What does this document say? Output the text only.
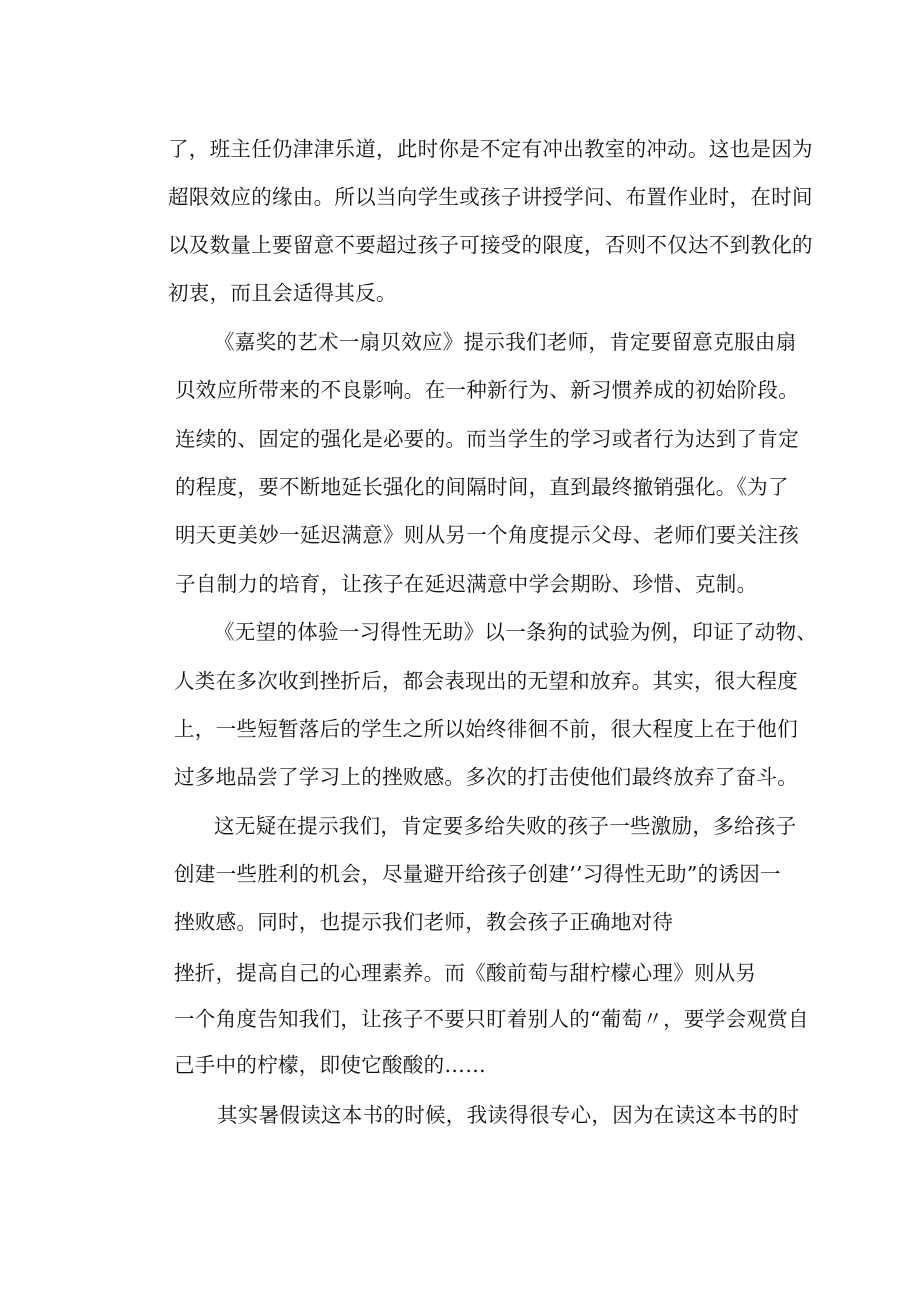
了，班主任仍津津乐道，此时你是不定有冲出教室的冲动。这也是因为
超限效应的缘由。所以当向学生或孩子讲授学问、布置作业时，在时间
以及数量上要留意不要超过孩子可接受的限度，否则不仅达不到教化的
初衷，而且会适得其反。
《嘉奖的艺术一扇贝效应》提示我们老师，肯定要留意克服由扇
贝效应所带来的不良影响。在一种新行为、新习惯养成的初始阶段。
连续的、固定的强化是必要的。而当学生的学习或者行为达到了肯定
的程度，要不断地延长强化的间隔时间，直到最终撤销强化。《为了
明天更美妙一延迟满意》则从另一个角度提示父母、老师们要关注孩
子自制力的培育，让孩子在延迟满意中学会期盼、珍惜、克制。
《无望的体验一习得性无助》以一条狗的试验为例，印证了动物、
人类在多次收到挫折后，都会表现出的无望和放弃。其实，很大程度
上，一些短暂落后的学生之所以始终徘徊不前，很大程度上在于他们
过多地品尝了学习上的挫败感。多次的打击使他们最终放弃了奋斗。
这无疑在提示我们，肯定要多给失败的孩子一些激励，多给孩子
创建一些胜利的机会，尽量避开给孩子创建’’习得性无助”的诱因一
挫败感。同时，也提示我们老师，教会孩子正确地对待
挫折，提高自己的心理素养。而《酸前萄与甜柠檬心理》则从另
一个角度告知我们，让孩子不要只盯着别人的“葡萄〃，要学会观赏自
己手中的柠檬，即使它酸酸的……
其实暑假读这本书的时候，我读得很专心，因为在读这本书的时
